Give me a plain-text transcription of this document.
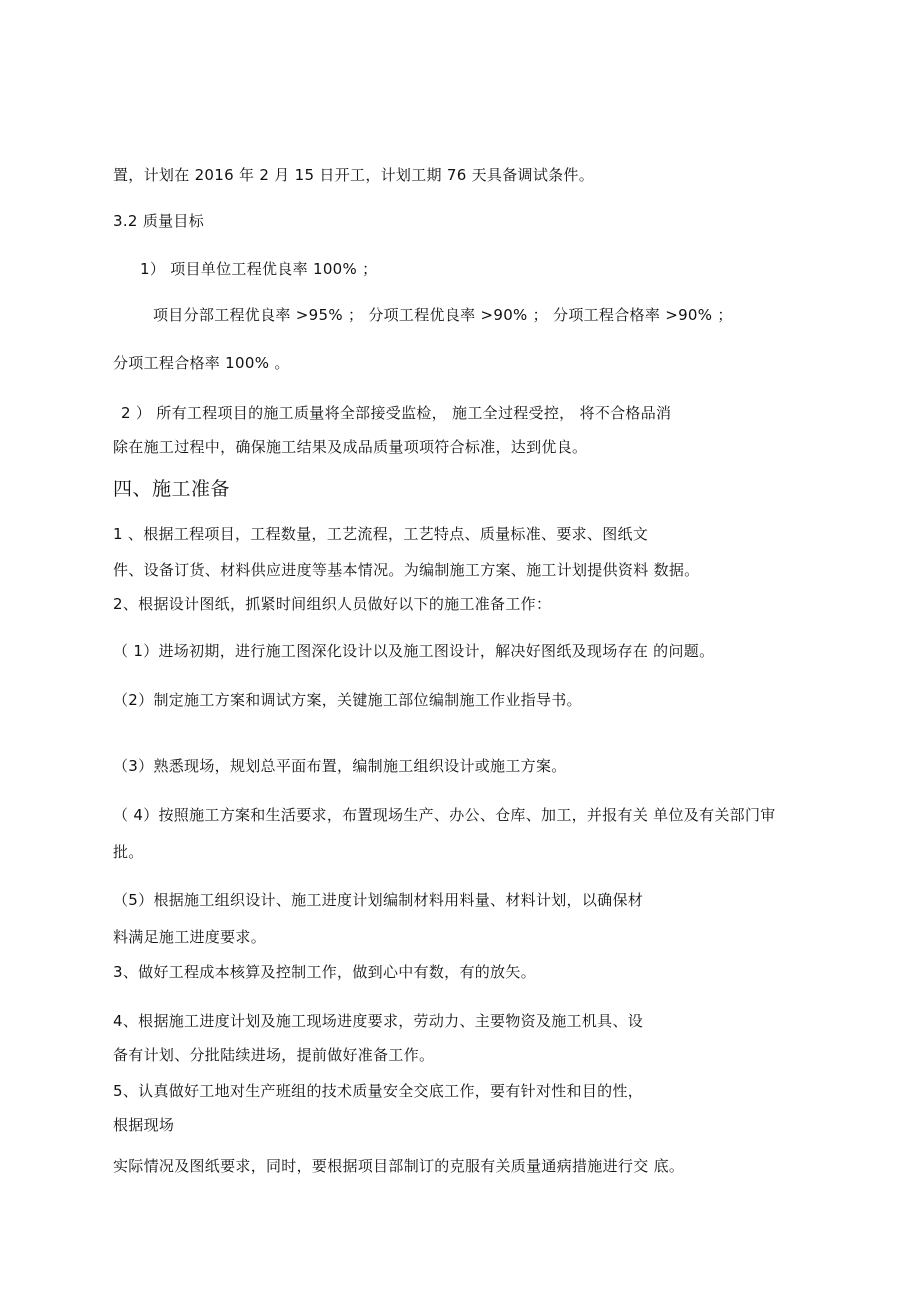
置，计划在 2016 年 2 月 15 日开工，计划工期 76 天具备调试条件。
3.2 质量目标
1） 项目单位工程优良率 100% ；
项目分部工程优良率 >95% ； 分项工程优良率 >90% ； 分项工程合格率 >90% ；
分项工程合格率 100% 。
2 ） 所有工程项目的施工质量将全部接受监检， 施工全过程受控， 将不合格品消
除在施工过程中，确保施工结果及成品质量项项符合标准，达到优良。
四、施工准备
1 、根据工程项目，工程数量，工艺流程，工艺特点、质量标准、要求、图纸文
件、设备订货、材料供应进度等基本情况。为编制施工方案、施工计划提供资料 数据。
2、根据设计图纸，抓紧时间组织人员做好以下的施工准备工作：
（ 1）进场初期，进行施工图深化设计以及施工图设计，解决好图纸及现场存在 的问题。
（2）制定施工方案和调试方案，关键施工部位编制施工作业指导书。
（3）熟悉现场，规划总平面布置，编制施工组织设计或施工方案。
（ 4）按照施工方案和生活要求，布置现场生产、办公、仓库、加工，并报有关 单位及有关部门审
批。
（5）根据施工组织设计、施工进度计划编制材料用料量、材料计划，以确保材
料满足施工进度要求。
3、做好工程成本核算及控制工作，做到心中有数，有的放矢。
4、根据施工进度计划及施工现场进度要求，劳动力、主要物资及施工机具、设
备有计划、分批陆续进场，提前做好准备工作。
5、认真做好工地对生产班组的技术质量安全交底工作，要有针对性和目的性，
根据现场
实际情况及图纸要求，同时，要根据项目部制订的克服有关质量通病措施进行交 底。
